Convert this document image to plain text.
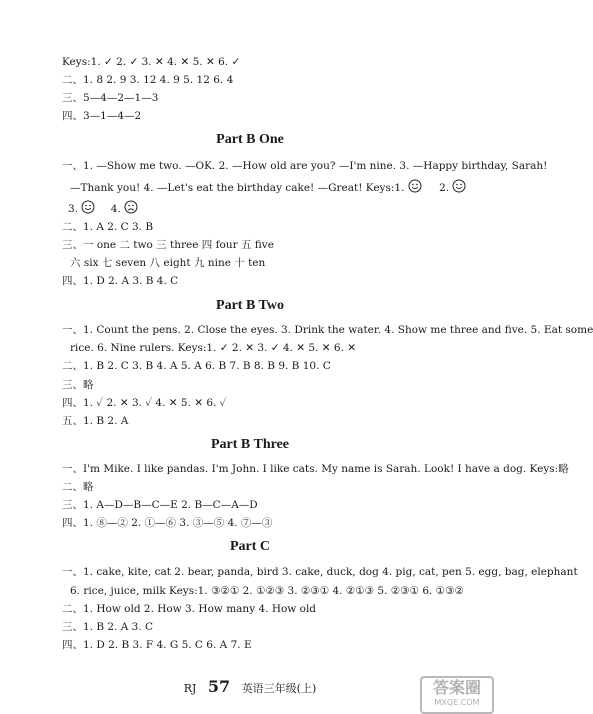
Keys:1. ✓ 2. ✓ 3. ✕ 4. ✕ 5. ✕ 6. ✓
二、1. 8 2. 9 3. 12 4. 9 5. 12 6. 4
三、5—4—2—1—3
四、3—1—4—2
Part B One
一、1. —Show me two. —OK. 2. —How old are you? —I'm nine. 3. —Happy birthday, Sarah!
—Thank you! 4. —Let's eat the birthday cake! —Great! Keys:1.	2.
3.	4.
二、1. A 2. C 3. B
三、一 one 二 two 三 three 四 four 五 five
六 six 七 seven 八 eight 九 nine 十 ten
四、1. D 2. A 3. B 4. C
Part B Two
一、1. Count the pens. 2. Close the eyes. 3. Drink the water. 4. Show me three and five. 5. Eat some
rice. 6. Nine rulers. Keys:1. ✓ 2. ✕ 3. ✓ 4. ✕ 5. ✕ 6. ✕
二、1. B 2. C 3. B 4. A 5. A 6. B 7. B 8. B 9. B 10. C
三、略
四、1. ✓ 2. ✕ 3. ✓ 4. ✕ 5. ✕ 6. ✓
五、1. B 2. A
Part B Three
一、I'm Mike. I like pandas. I'm John. I like cats. My name is Sarah. Look! I have a dog. Keys:略
二、略
三、1. A—D—B—C—E 2. B—C—A—D
四、1. ⑧—② 2. ①—⑥ 3. ③—⑤ 4. ⑦—③
Part C
一、1. cake, kite, cat 2. bear, panda, bird 3. cake, duck, dog 4. pig, cat, pen 5. egg, bag, elephant
6. rice, juice, milk Keys:1. ③②① 2. ①②③ 3. ②③① 4. ②①③ 5. ②③① 6. ①③②
二、1. How old 2. How 3. How many 4. How old
三、1. B 2. A 3. C
四、1. D 2. B 3. F 4. G 5. C 6. A 7. E
RJ 57 英语三年级(上)	答案圈
MXQE.COM
